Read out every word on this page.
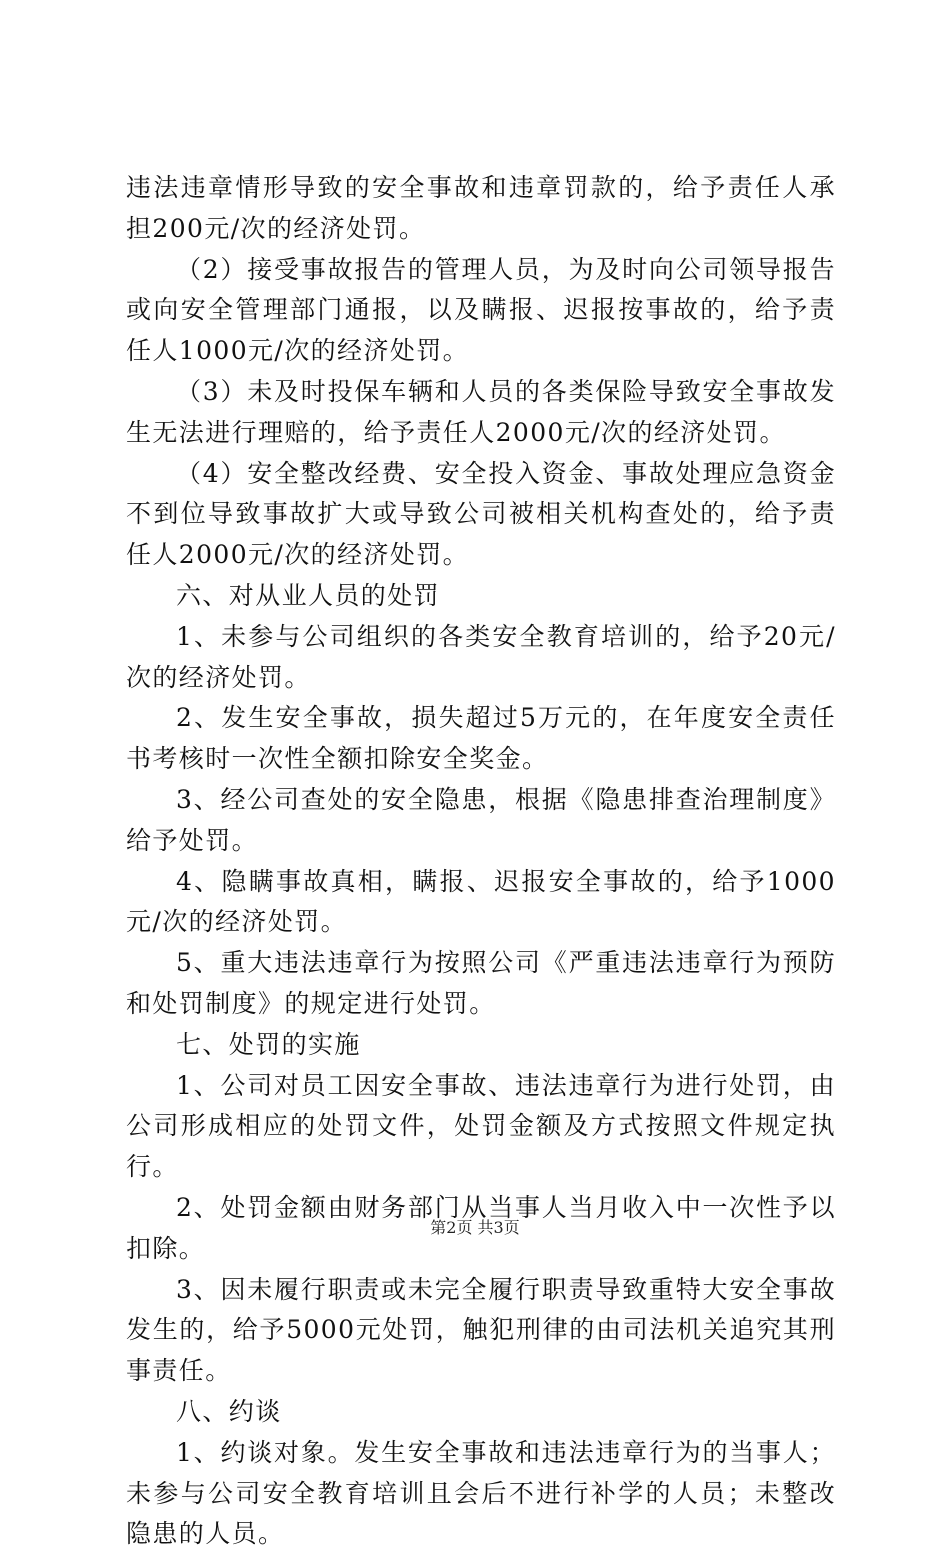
违法违章情形导致的安全事故和违章罚款的，给予责任人承担200元/次的经济处罚。

（2）接受事故报告的管理人员，为及时向公司领导报告或向安全管理部门通报，以及瞒报、迟报按事故的，给予责任人1000元/次的经济处罚。

（3）未及时投保车辆和人员的各类保险导致安全事故发生无法进行理赔的，给予责任人2000元/次的经济处罚。

（4）安全整改经费、安全投入资金、事故处理应急资金不到位导致事故扩大或导致公司被相关机构查处的，给予责任人2000元/次的经济处罚。

六、对从业人员的处罚

1、未参与公司组织的各类安全教育培训的，给予20元/次的经济处罚。

2、发生安全事故，损失超过5万元的，在年度安全责任书考核时一次性全额扣除安全奖金。

3、经公司查处的安全隐患，根据《隐患排查治理制度》给予处罚。

4、隐瞒事故真相，瞒报、迟报安全事故的，给予1000元/次的经济处罚。

5、重大违法违章行为按照公司《严重违法违章行为预防和处罚制度》的规定进行处罚。

七、处罚的实施

1、公司对员工因安全事故、违法违章行为进行处罚，由公司形成相应的处罚文件，处罚金额及方式按照文件规定执行。

2、处罚金额由财务部门从当事人当月收入中一次性予以扣除。

3、因未履行职责或未完全履行职责导致重特大安全事故发生的，给予5000元处罚，触犯刑律的由司法机关追究其刑事责任。

八、约谈

1、约谈对象。发生安全事故和违法违章行为的当事人；未参与公司安全教育培训且会后不进行补学的人员；未整改隐患的人员。

第2页 共3页
